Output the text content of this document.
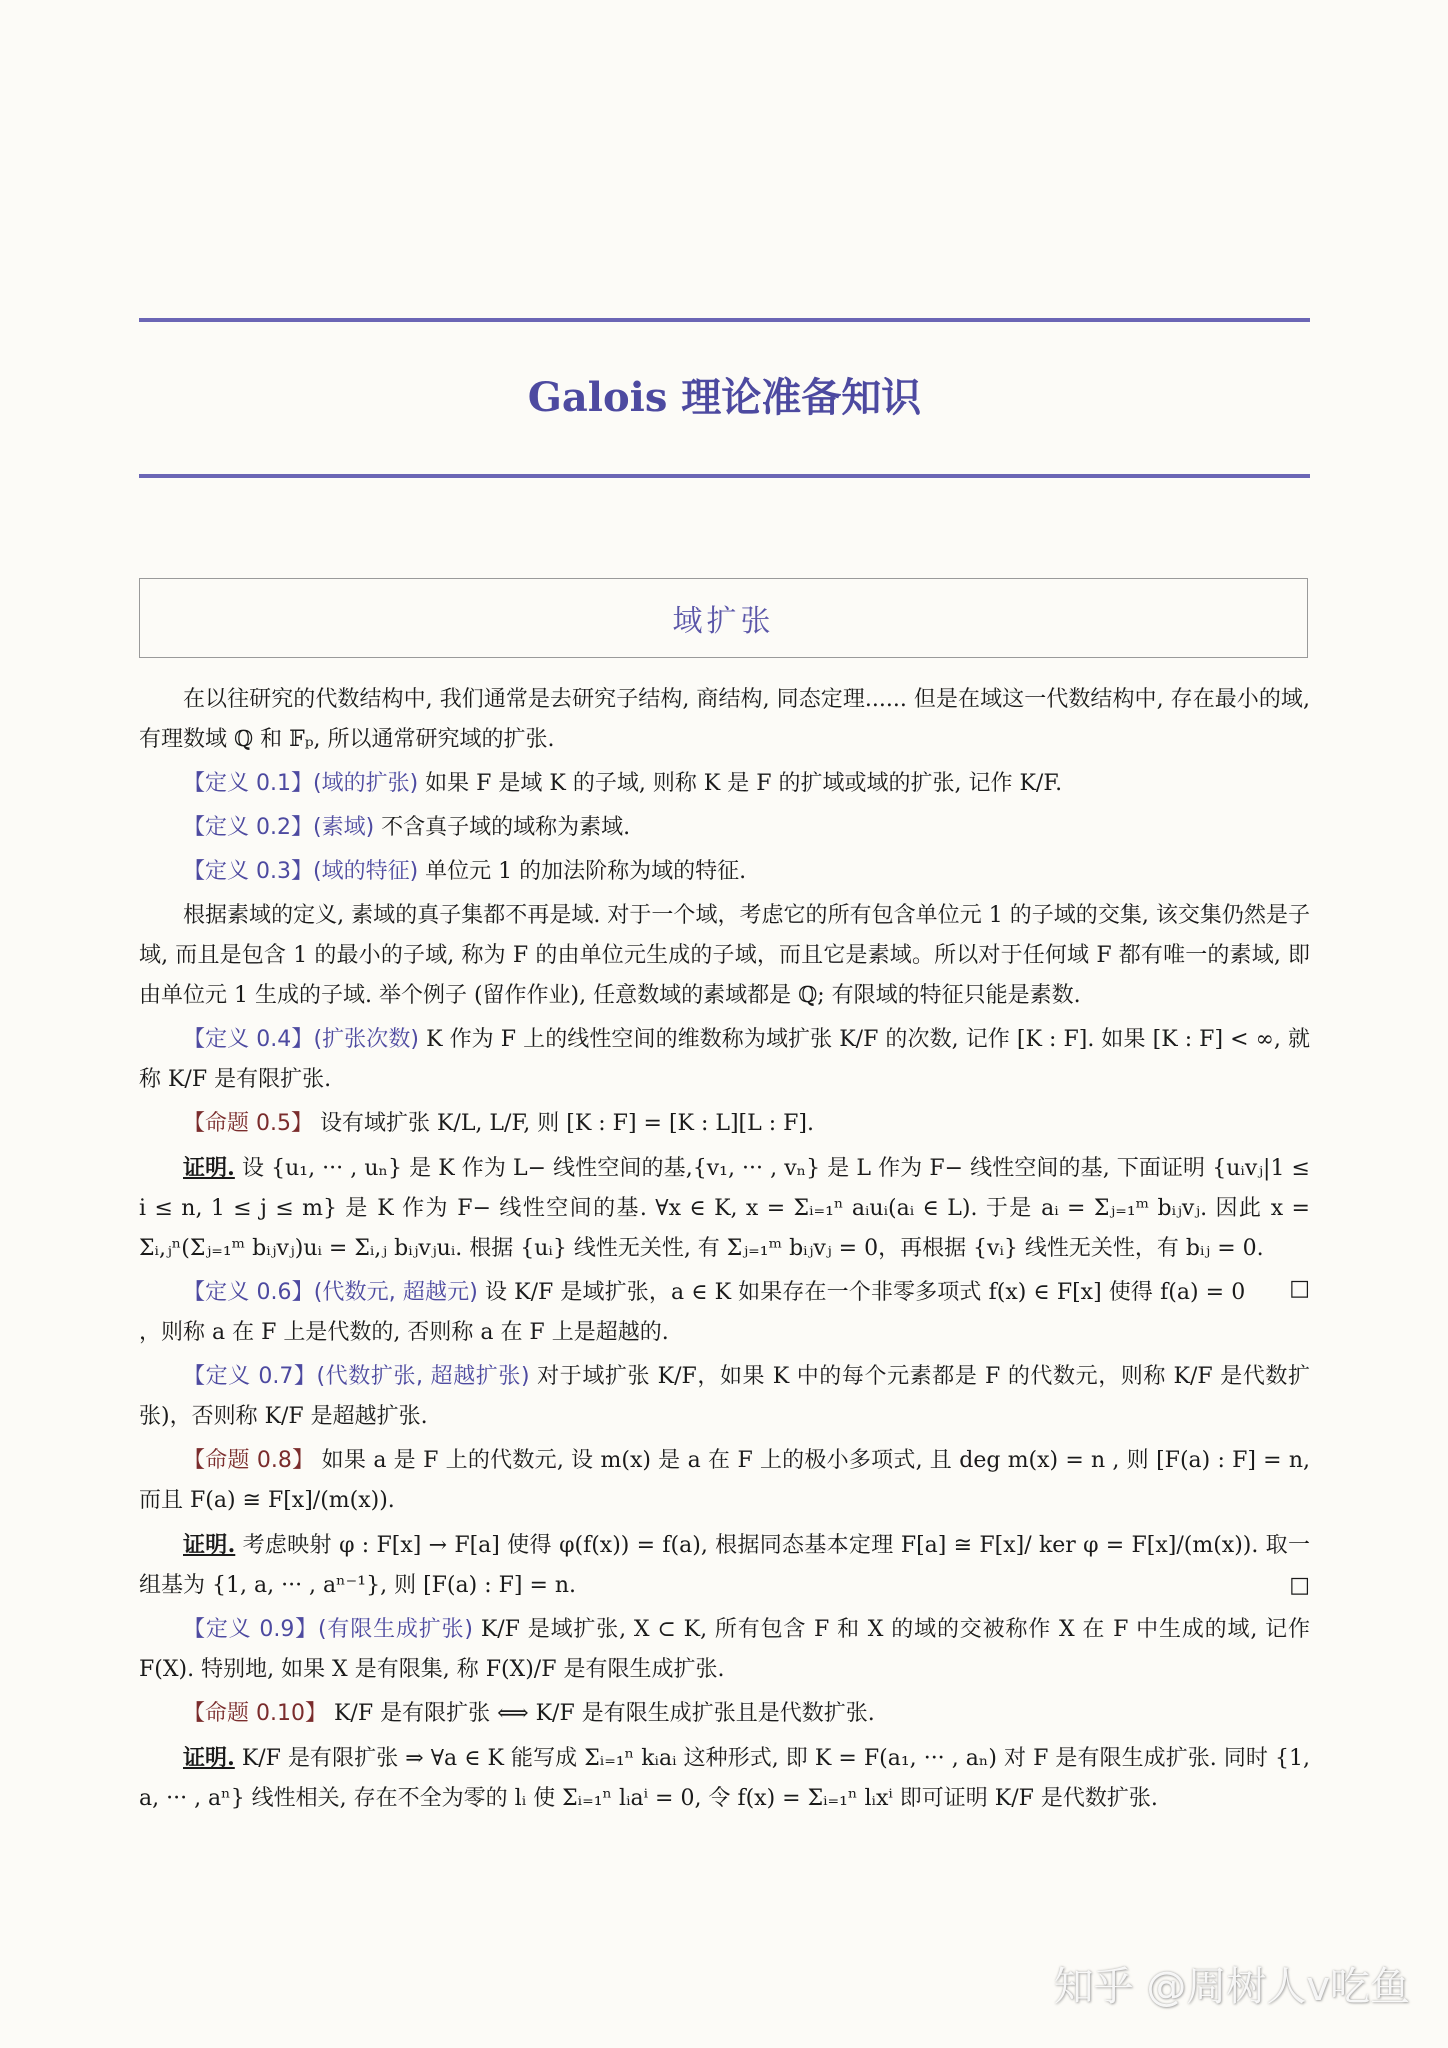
Galois 理论准备知识
域扩张

在以往研究的代数结构中, 我们通常是去研究子结构, 商结构, 同态定理...... 但是在域这一代数结构中, 存在最小的域, 有理数域 ℚ 和 𝔽ₚ, 所以通常研究域的扩张.

【定义 0.1】(域的扩张) 如果 F 是域 K 的子域, 则称 K 是 F 的扩域或域的扩张, 记作 K/F.

【定义 0.2】(素域) 不含真子域的域称为素域.

【定义 0.3】(域的特征) 单位元 1 的加法阶称为域的特征.

根据素域的定义, 素域的真子集都不再是域. 对于一个域，考虑它的所有包含单位元 1 的子域的交集, 该交集仍然是子域, 而且是包含 1 的最小的子域, 称为 F 的由单位元生成的子域，而且它是素域。所以对于任何域 F 都有唯一的素域, 即由单位元 1 生成的子域. 举个例子 (留作作业), 任意数域的素域都是 ℚ; 有限域的特征只能是素数.

【定义 0.4】(扩张次数) K 作为 F 上的线性空间的维数称为域扩张 K/F 的次数, 记作 [K : F]. 如果 [K : F] < ∞, 就称 K/F 是有限扩张.

【命题 0.5】 设有域扩张 K/L, L/F, 则 [K : F] = [K : L][L : F].

证明. 设 {u₁, ··· , uₙ} 是 K 作为 L− 线性空间的基,{v₁, ··· , vₙ} 是 L 作为 F− 线性空间的基, 下面证明 {uᵢvⱼ|1 ≤ i ≤ n, 1 ≤ j ≤ m} 是 K 作为 F− 线性空间的基. ∀x ∈ K, x = Σᵢ₌₁ⁿ aᵢuᵢ(aᵢ ∈ L). 于是 aᵢ = Σⱼ₌₁ᵐ bᵢⱼvⱼ. 因此 x = Σᵢ,ⱼⁿ(Σⱼ₌₁ᵐ bᵢⱼvⱼ)uᵢ = Σᵢ,ⱼ bᵢⱼvⱼuᵢ. 根据 {uᵢ} 线性无关性, 有 Σⱼ₌₁ᵐ bᵢⱼvⱼ = 0，再根据 {vᵢ} 线性无关性，有 bᵢⱼ = 0.
□

【定义 0.6】(代数元, 超越元) 设 K/F 是域扩张，a ∈ K 如果存在一个非零多项式 f(x) ∈ F[x] 使得 f(a) = 0 ，则称 a 在 F 上是代数的, 否则称 a 在 F 上是超越的.

【定义 0.7】(代数扩张, 超越扩张) 对于域扩张 K/F，如果 K 中的每个元素都是 F 的代数元，则称 K/F 是代数扩张)，否则称 K/F 是超越扩张.

【命题 0.8】 如果 a 是 F 上的代数元, 设 m(x) 是 a 在 F 上的极小多项式, 且 deg m(x) = n , 则 [F(a) : F] = n, 而且 F(a) ≅ F[x]/(m(x)).

证明. 考虑映射 φ : F[x] → F[a] 使得 φ(f(x)) = f(a), 根据同态基本定理 F[a] ≅ F[x]/ ker φ = F[x]/(m(x)). 取一组基为 {1, a, ··· , aⁿ⁻¹}, 则 [F(a) : F] = n.	□

【定义 0.9】(有限生成扩张) K/F 是域扩张, X ⊂ K, 所有包含 F 和 X 的域的交被称作 X 在 F 中生成的域, 记作 F(X). 特别地, 如果 X 是有限集, 称 F(X)/F 是有限生成扩张.

【命题 0.10】 K/F 是有限扩张 ⟺ K/F 是有限生成扩张且是代数扩张.

证明. K/F 是有限扩张 ⇒ ∀a ∈ K 能写成 Σᵢ₌₁ⁿ kᵢaᵢ 这种形式, 即 K = F(a₁, ··· , aₙ) 对 F 是有限生成扩张. 同时 {1, a, ··· , aⁿ} 线性相关, 存在不全为零的 lᵢ 使 Σᵢ₌₁ⁿ lᵢaⁱ = 0, 令 f(x) = Σᵢ₌₁ⁿ lᵢxⁱ 即可证明 K/F 是代数扩张.

知乎 @周树人v吃鱼
